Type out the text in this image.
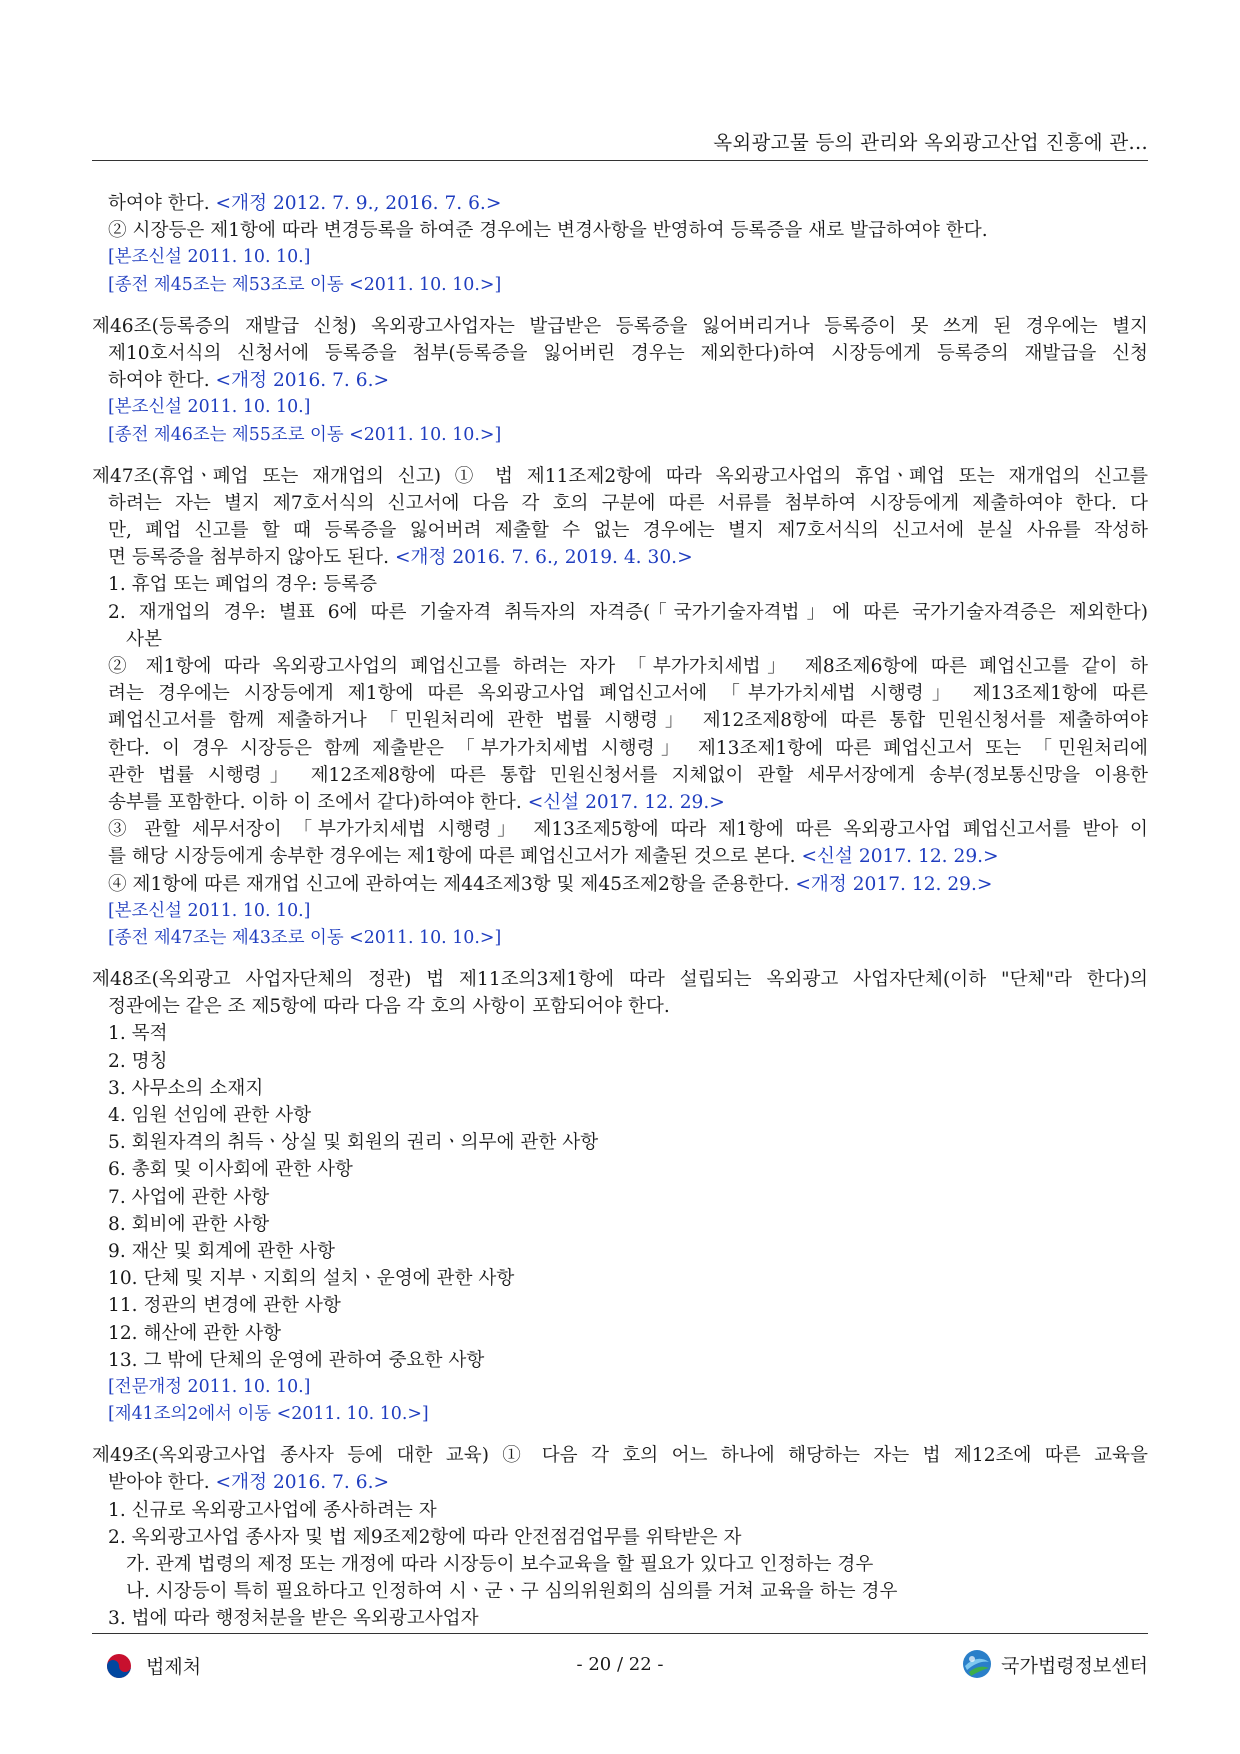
옥외광고물 등의 관리와 옥외광고산업 진흥에 관...
하여야 한다. <개정 2012. 7. 9., 2016. 7. 6.>
② 시장등은 제1항에 따라 변경등록을 하여준 경우에는 변경사항을 반영하여 등록증을 새로 발급하여야 한다.
[본조신설 2011. 10. 10.]
[종전 제45조는 제53조로 이동 <2011. 10. 10.>]
제46조(등록증의 재발급 신청) 옥외광고사업자는 발급받은 등록증을 잃어버리거나 등록증이 못 쓰게 된 경우에는 별지
제10호서식의 신청서에 등록증을 첨부(등록증을 잃어버린 경우는 제외한다)하여 시장등에게 등록증의 재발급을 신청
하여야 한다. <개정 2016. 7. 6.>
[본조신설 2011. 10. 10.]
[종전 제46조는 제55조로 이동 <2011. 10. 10.>]
제47조(휴업ㆍ폐업 또는 재개업의 신고) ① 법 제11조제2항에 따라 옥외광고사업의 휴업ㆍ폐업 또는 재개업의 신고를
하려는 자는 별지 제7호서식의 신고서에 다음 각 호의 구분에 따른 서류를 첨부하여 시장등에게 제출하여야 한다. 다
만, 폐업 신고를 할 때 등록증을 잃어버려 제출할 수 없는 경우에는 별지 제7호서식의 신고서에 분실 사유를 작성하
면 등록증을 첨부하지 않아도 된다. <개정 2016. 7. 6., 2019. 4. 30.>
1. 휴업 또는 폐업의 경우: 등록증
2. 재개업의 경우: 별표 6에 따른 기술자격 취득자의 자격증(「국가기술자격법」에 따른 국가기술자격증은 제외한다)
사본
② 제1항에 따라 옥외광고사업의 폐업신고를 하려는 자가 「부가가치세법」 제8조제6항에 따른 폐업신고를 같이 하
려는 경우에는 시장등에게 제1항에 따른 옥외광고사업 폐업신고서에 「부가가치세법 시행령」 제13조제1항에 따른
폐업신고서를 함께 제출하거나 「민원처리에 관한 법률 시행령」 제12조제8항에 따른 통합 민원신청서를 제출하여야
한다. 이 경우 시장등은 함께 제출받은 「부가가치세법 시행령」 제13조제1항에 따른 폐업신고서 또는 「민원처리에
관한 법률 시행령」 제12조제8항에 따른 통합 민원신청서를 지체없이 관할 세무서장에게 송부(정보통신망을 이용한
송부를 포함한다. 이하 이 조에서 같다)하여야 한다. <신설 2017. 12. 29.>
③ 관할 세무서장이 「부가가치세법 시행령」 제13조제5항에 따라 제1항에 따른 옥외광고사업 폐업신고서를 받아 이
를 해당 시장등에게 송부한 경우에는 제1항에 따른 폐업신고서가 제출된 것으로 본다. <신설 2017. 12. 29.>
④ 제1항에 따른 재개업 신고에 관하여는 제44조제3항 및 제45조제2항을 준용한다. <개정 2017. 12. 29.>
[본조신설 2011. 10. 10.]
[종전 제47조는 제43조로 이동 <2011. 10. 10.>]
제48조(옥외광고 사업자단체의 정관) 법 제11조의3제1항에 따라 설립되는 옥외광고 사업자단체(이하 "단체"라 한다)의
정관에는 같은 조 제5항에 따라 다음 각 호의 사항이 포함되어야 한다.
1. 목적
2. 명칭
3. 사무소의 소재지
4. 임원 선임에 관한 사항
5. 회원자격의 취득ㆍ상실 및 회원의 권리ㆍ의무에 관한 사항
6. 총회 및 이사회에 관한 사항
7. 사업에 관한 사항
8. 회비에 관한 사항
9. 재산 및 회계에 관한 사항
10. 단체 및 지부ㆍ지회의 설치ㆍ운영에 관한 사항
11. 정관의 변경에 관한 사항
12. 해산에 관한 사항
13. 그 밖에 단체의 운영에 관하여 중요한 사항
[전문개정 2011. 10. 10.]
[제41조의2에서 이동 <2011. 10. 10.>]
제49조(옥외광고사업 종사자 등에 대한 교육) ① 다음 각 호의 어느 하나에 해당하는 자는 법 제12조에 따른 교육을
받아야 한다. <개정 2016. 7. 6.>
1. 신규로 옥외광고사업에 종사하려는 자
2. 옥외광고사업 종사자 및 법 제9조제2항에 따라 안전점검업무를 위탁받은 자
가. 관계 법령의 제정 또는 개정에 따라 시장등이 보수교육을 할 필요가 있다고 인정하는 경우
나. 시장등이 특히 필요하다고 인정하여 시ㆍ군ㆍ구 심의위원회의 심의를 거쳐 교육을 하는 경우
3. 법에 따라 행정처분을 받은 옥외광고사업자
법제처	- 20 / 22 -	국가법령정보센터
